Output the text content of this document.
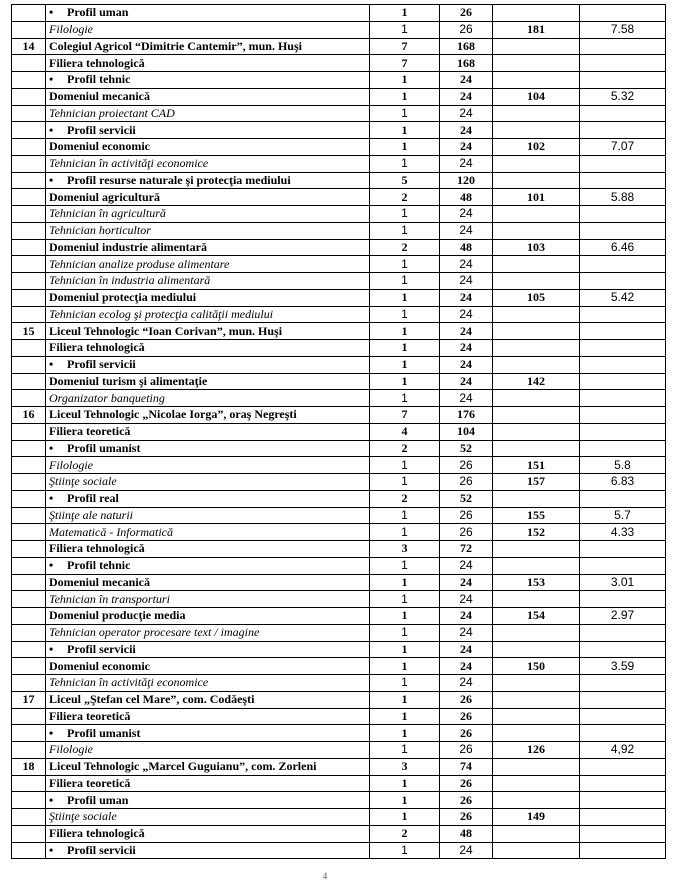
	• Profil uman	1	26		
	Filologie	1	26	181	7.58
14	Colegiul Agricol “Dimitrie Cantemir”, mun. Huşi	7	168		
	Filiera tehnologică	7	168		
	• Profil tehnic	1	24		
	Domeniul mecanică	1	24	104	5.32
	Tehnician proiectant CAD	1	24		
	• Profil servicii	1	24		
	Domeniul economic	1	24	102	7.07
	Tehnician în activităţi economice	1	24		
	• Profil resurse naturale şi protecţia mediului	5	120		
	Domeniul agricultură	2	48	101	5.88
	Tehnician în agricultură	1	24		
	Tehnician horticultor	1	24		
	Domeniul industrie alimentară	2	48	103	6.46
	Tehnician analize produse alimentare	1	24		
	Tehnician în industria alimentară	1	24		
	Domeniul protecţia mediului	1	24	105	5.42
	Tehnician ecolog şi protecţia calităţii mediului	1	24		
15	Liceul Tehnologic “Ioan Corivan”, mun. Huşi	1	24		
	Filiera tehnologică	1	24		
	• Profil servicii	1	24		
	Domeniul turism şi alimentaţie	1	24	142	
	Organizator banqueting	1	24		
16	Liceul Tehnologic „Nicolae Iorga”, oraş Negreşti	7	176		
	Filiera teoretică	4	104		
	• Profil umanist	2	52		
	Filologie	1	26	151	5.8
	Ştiinţe sociale	1	26	157	6.83
	• Profil real	2	52		
	Ştiinţe ale naturii	1	26	155	5.7
	Matematică - Informatică	1	26	152	4.33
	Filiera tehnologică	3	72		
	• Profil tehnic	1	24		
	Domeniul mecanică	1	24	153	3.01
	Tehnician în transporturi	1	24		
	Domeniul producţie media	1	24	154	2.97
	Tehnician operator procesare text / imagine	1	24		
	• Profil servicii	1	24		
	Domeniul economic	1	24	150	3.59
	Tehnician în activităţi economice	1	24		
17	Liceul „Ştefan cel Mare”, com. Codăeşti	1	26		
	Filiera teoretică	1	26		
	• Profil umanist	1	26		
	Filologie	1	26	126	4,92
18	Liceul Tehnologic „Marcel Guguianu”, com. Zorleni	3	74		
	Filiera teoretică	1	26		
	• Profil uman	1	26		
	Ştiinţe sociale	1	26	149	
	Filiera tehnologică	2	48		
	• Profil servicii	1	24		
4
